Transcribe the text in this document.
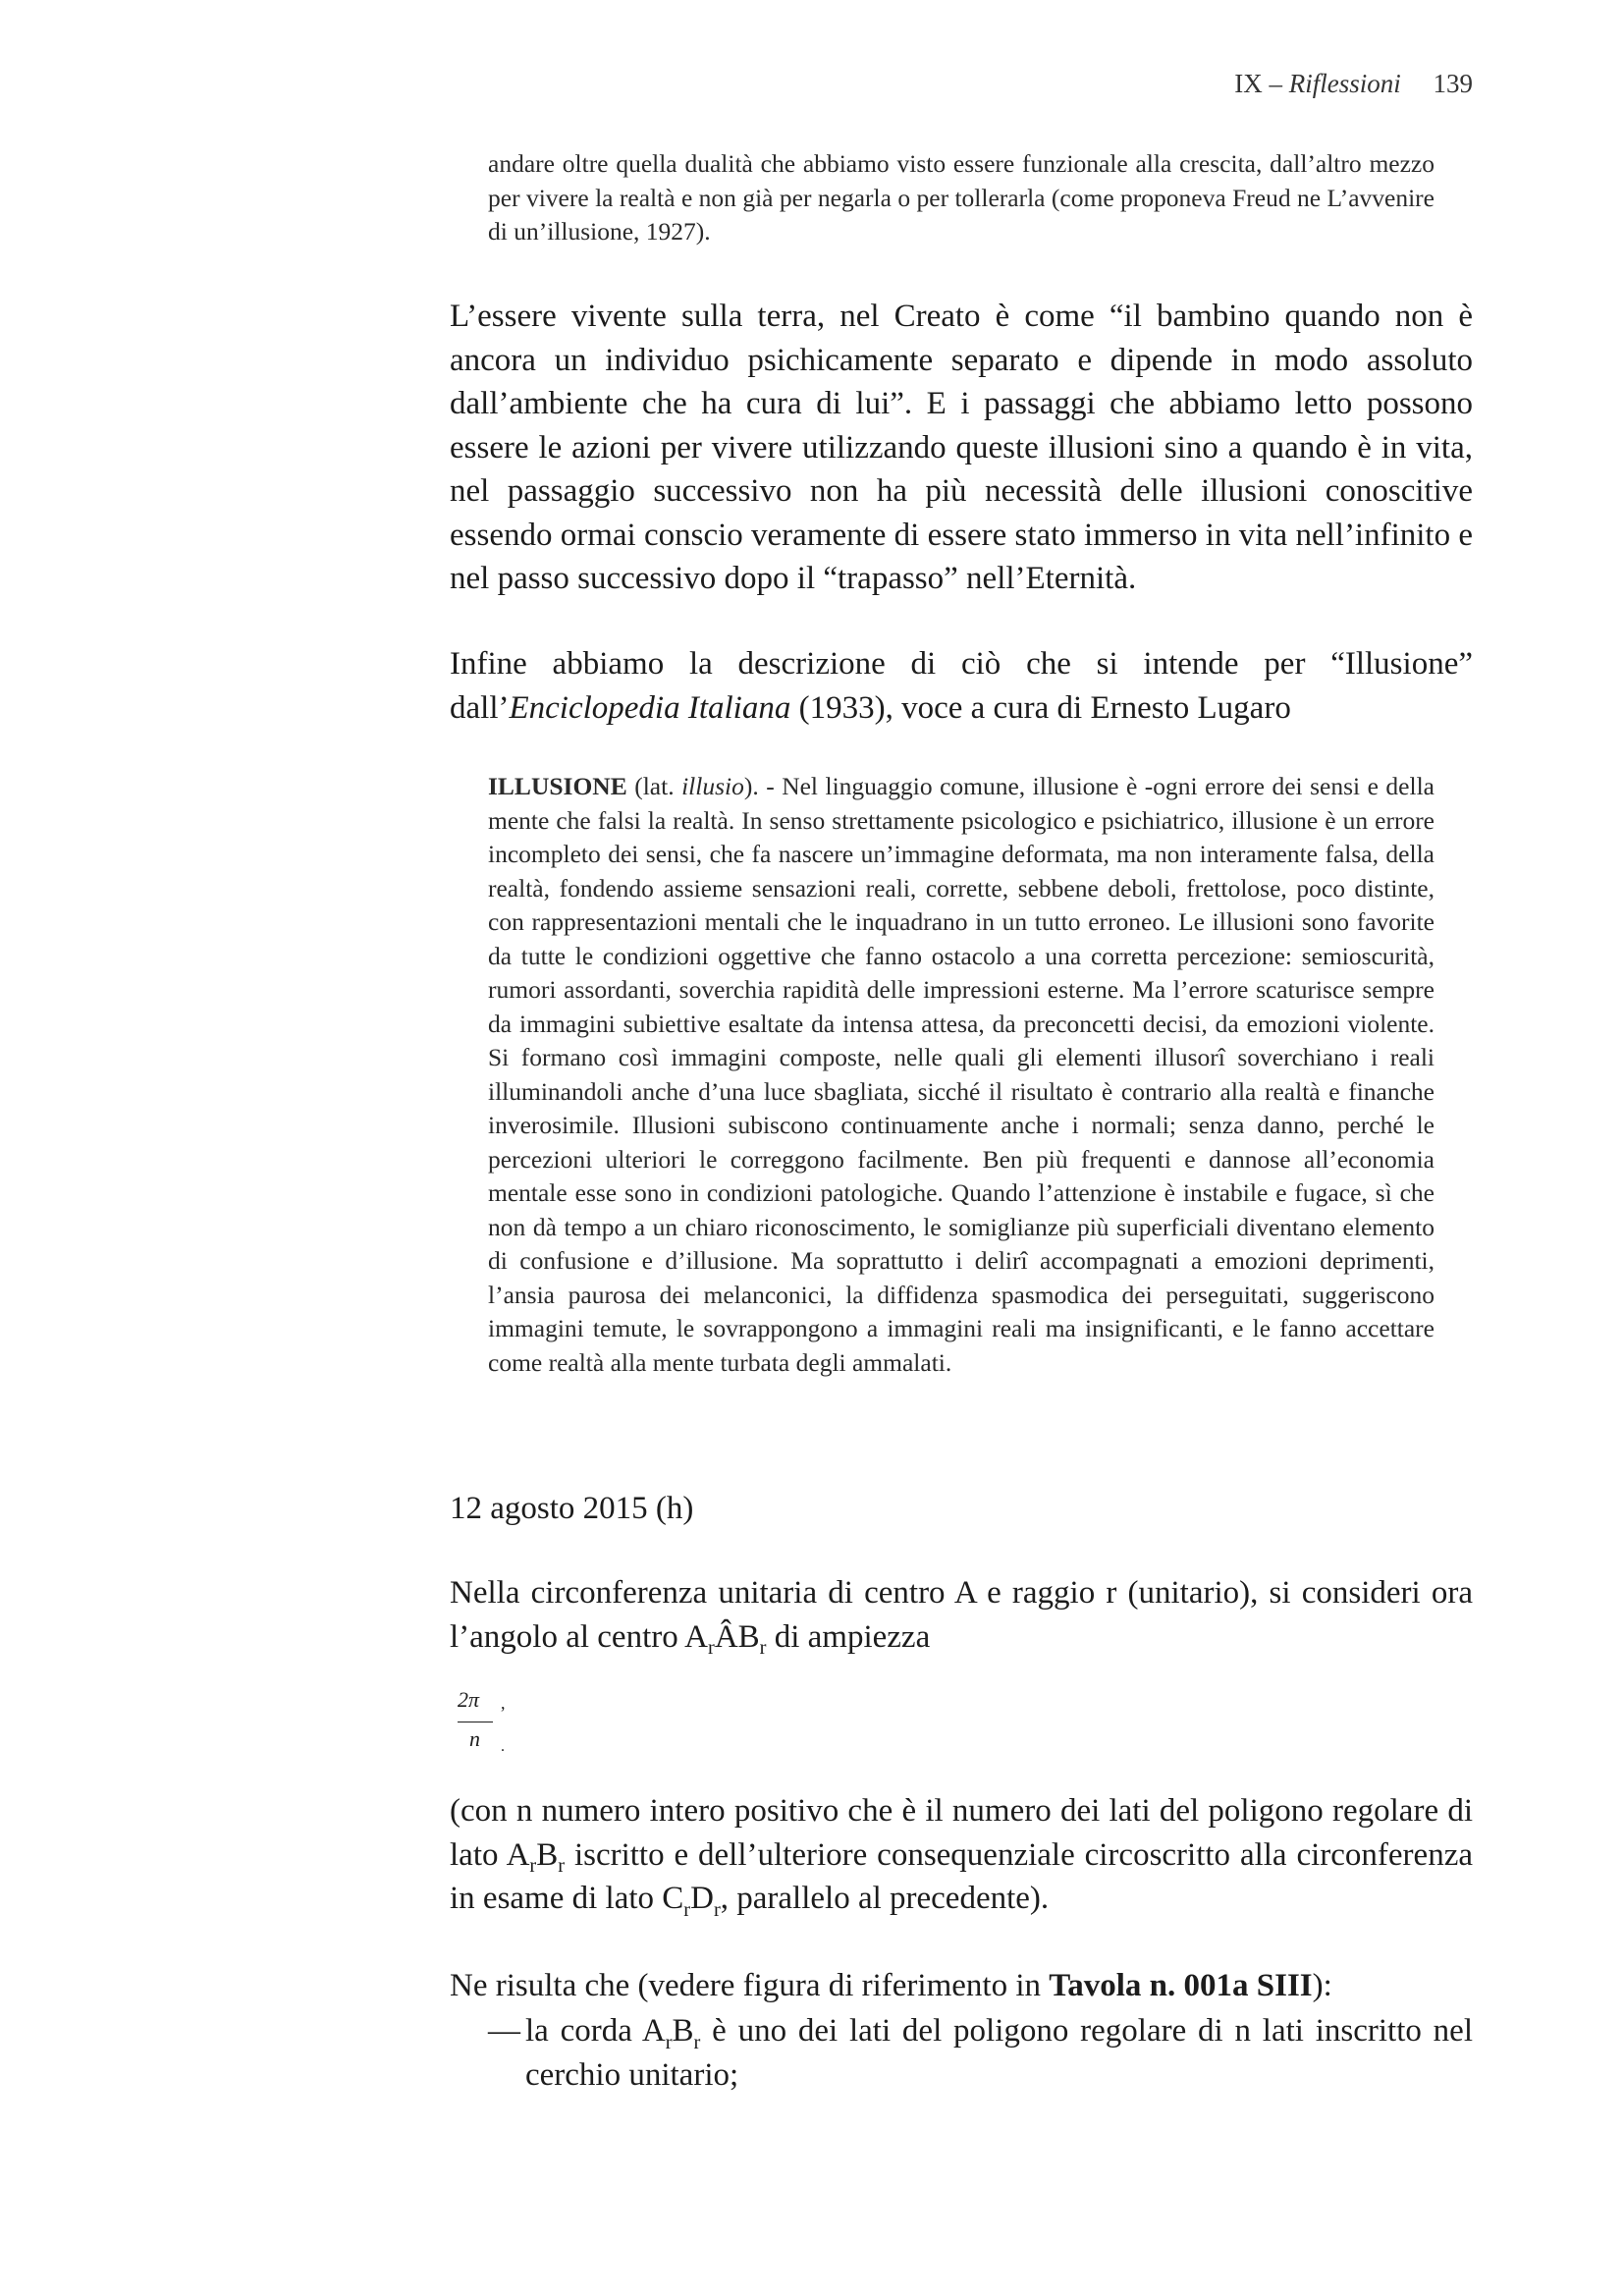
IX – Riflessioni 139

andare oltre quella dualità che abbiamo visto essere funzionale alla crescita, dall’altro mezzo per vivere la realtà e non già per negarla o per tollerarla (come proponeva Freud ne L’avvenire di un’illusione, 1927).

L’essere vivente sulla terra, nel Creato è come “il bambino quando non è ancora un individuo psichicamente separato e dipende in modo assoluto dall’ambiente che ha cura di lui”. E i passaggi che abbiamo letto possono essere le azioni per vivere utilizzando queste illusioni sino a quando è in vita, nel passaggio successivo non ha più necessità delle illusioni conoscitive essendo ormai conscio veramente di essere stato immerso in vita nell’infinito e nel passo successivo dopo il “trapasso” nell’Eternità.

Infine abbiamo la descrizione di ciò che si intende per “Illusione” dall’Enciclopedia Italiana (1933), voce a cura di Ernesto Lugaro

ILLUSIONE (lat. illusio). - Nel linguaggio comune, illusione è -ogni errore dei sensi e della mente che falsi la realtà. In senso strettamente psicologico e psichiatrico, illusione è un errore incompleto dei sensi, che fa nascere un’immagine deformata, ma non interamente falsa, della realtà, fondendo assieme sensazioni reali, corrette, sebbene deboli, frettolose, poco distinte, con rappresentazioni mentali che le inquadrano in un tutto erroneo. Le illusioni sono favorite da tutte le condizioni oggettive che fanno ostacolo a una corretta percezione: semioscurità, rumori assordanti, soverchia rapidità delle impressioni esterne. Ma l’errore scaturisce sempre da immagini subiettive esaltate da intensa attesa, da preconcetti decisi, da emozioni violente. Si formano così immagini composte, nelle quali gli elementi illusorî soverchiano i reali illuminandoli anche d’una luce sbagliata, sicché il risultato è contrario alla realtà e finanche inverosimile. Illusioni subiscono continuamente anche i normali; senza danno, perché le percezioni ulteriori le correggono facilmente. Ben più frequenti e dannose all’economia mentale esse sono in condizioni patologiche. Quando l’attenzione è instabile e fugace, sì che non dà tempo a un chiaro riconoscimento, le somiglianze più superficiali diventano elemento di confusione e d’illusione. Ma soprattutto i delirî accompagnati a emozioni deprimenti, l’ansia paurosa dei melanconici, la diffidenza spasmodica dei perseguitati, suggeriscono immagini temute, le sovrappongono a immagini reali ma insignificanti, e le fanno accettare come realtà alla mente turbata degli ammalati.

12 agosto 2015 (h)

Nella circonferenza unitaria di centro A e raggio r (unitario), si consideri ora l’angolo al centro $A_rÂB_r$ di ampiezza

2π
n
,
.

(con n numero intero positivo che è il numero dei lati del poligono regolare di lato $A_rB_r$ iscritto e dell’ulteriore consequenziale circoscritto alla circonferenza in esame di lato $C_rD_r$, parallelo al precedente).

Ne risulta che (vedere figura di riferimento in Tavola n. 001a SIII):

— la corda $A_rB_r$ è uno dei lati del poligono regolare di n lati inscritto nel cerchio unitario;
